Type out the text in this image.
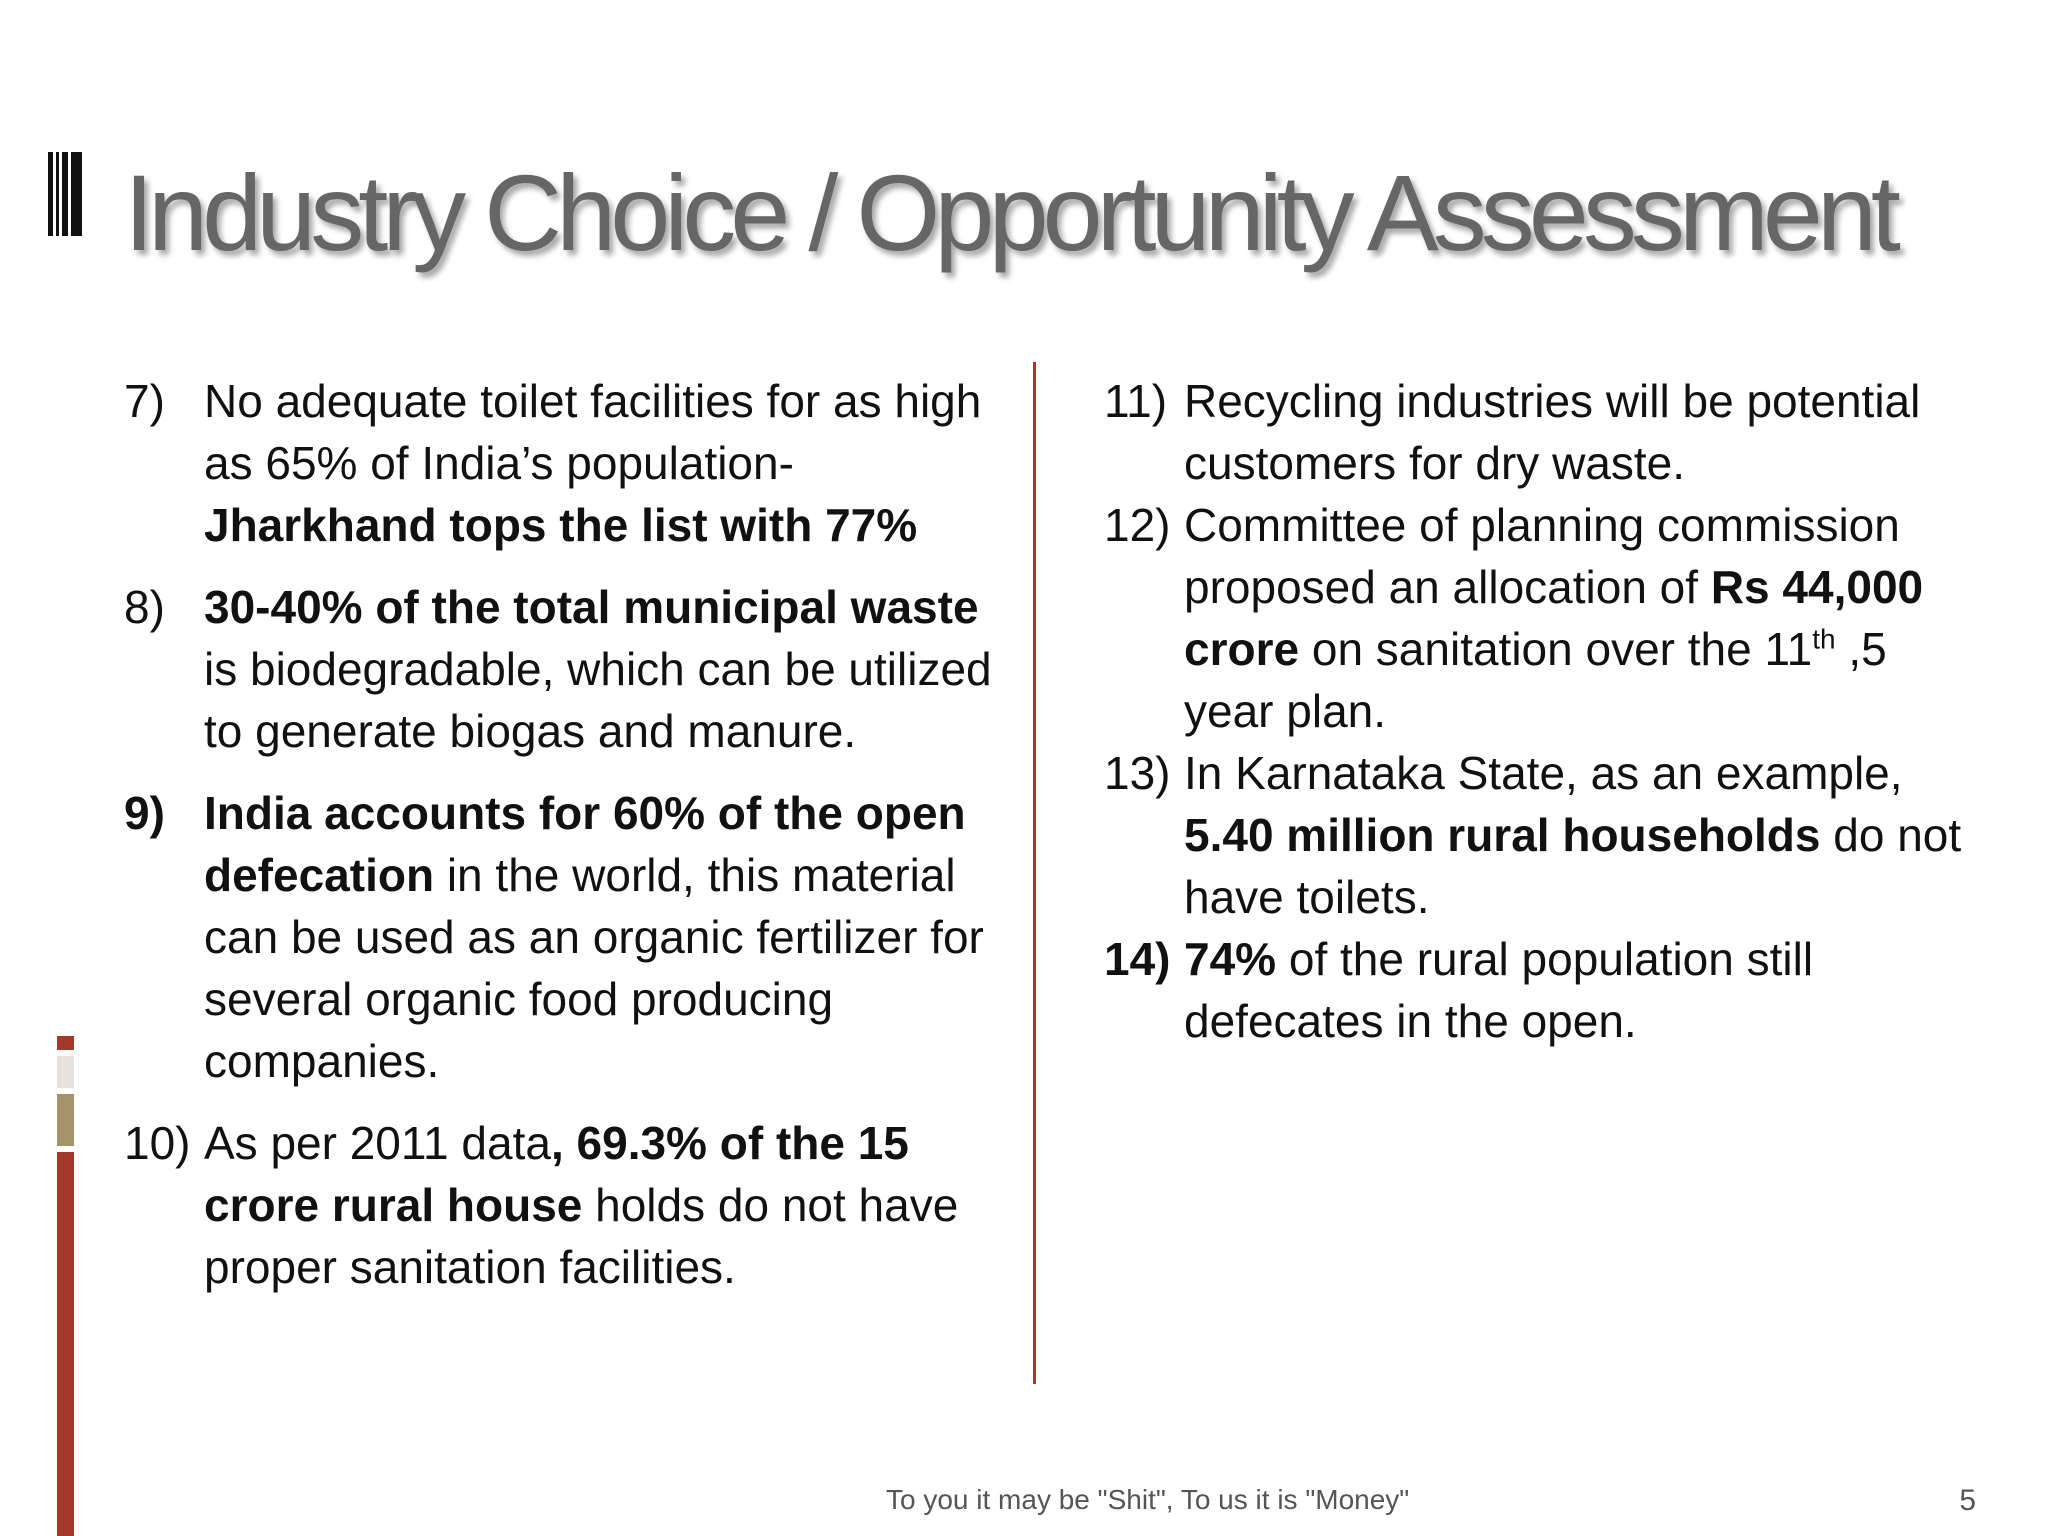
Industry Choice / Opportunity Assessment
7) No adequate toilet facilities for as high as 65% of India’s population- Jharkhand tops the list with 77%
8) 30-40% of the total municipal waste is biodegradable, which can be utilized to generate biogas and manure.
9) India accounts for 60% of the open defecation in the world, this material can be used as an organic fertilizer for several organic food producing companies.
10) As per 2011 data, 69.3% of the 15 crore rural house holds do not have proper sanitation facilities.
11) Recycling industries will be potential customers for dry waste.
12) Committee of planning commission proposed an allocation of Rs 44,000 crore on sanitation over the 11th ,5 year plan.
13) In Karnataka State, as an example, 5.40 million rural households do not have toilets.
14) 74% of the rural population still defecates in the open.
To you it may be "Shit", To us it is "Money"	5
